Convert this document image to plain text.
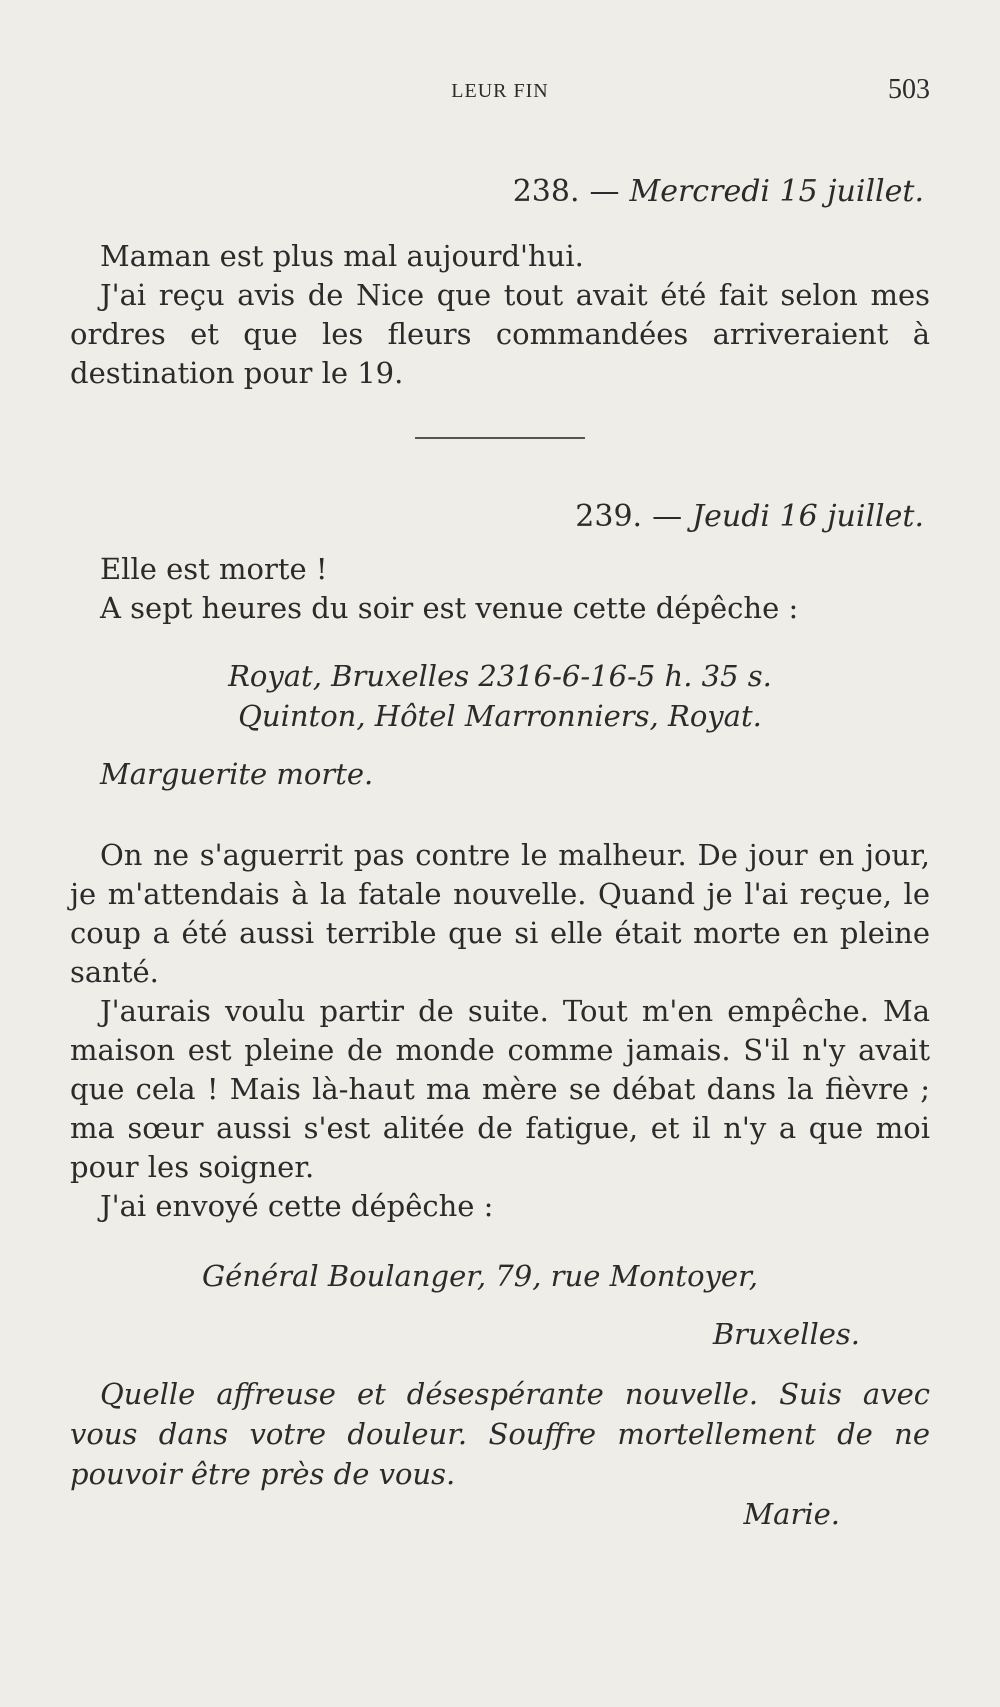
LEUR FIN	503
238. — Mercredi 15 juillet.

Maman est plus mal aujourd'hui.

J'ai reçu avis de Nice que tout avait été fait selon mes ordres et que les fleurs commandées arriveraient à destination pour le 19.

239. — Jeudi 16 juillet.

Elle est morte !

A sept heures du soir est venue cette dépêche :

Royat, Bruxelles 2316-6-16-5 h. 35 s.

Quinton, Hôtel Marronniers, Royat.

Marguerite morte.

On ne s'aguerrit pas contre le malheur. De jour en jour, je m'attendais à la fatale nouvelle. Quand je l'ai reçue, le coup a été aussi terrible que si elle était morte en pleine santé.

J'aurais voulu partir de suite. Tout m'en empêche. Ma maison est pleine de monde comme jamais. S'il n'y avait que cela ! Mais là-haut ma mère se débat dans la fièvre ; ma sœur aussi s'est alitée de fatigue, et il n'y a que moi pour les soigner.

J'ai envoyé cette dépêche :

Général Boulanger, 79, rue Montoyer,

Bruxelles.

Quelle affreuse et désespérante nouvelle. Suis avec vous dans votre douleur. Souffre mortellement de ne pouvoir être près de vous.

Marie.
